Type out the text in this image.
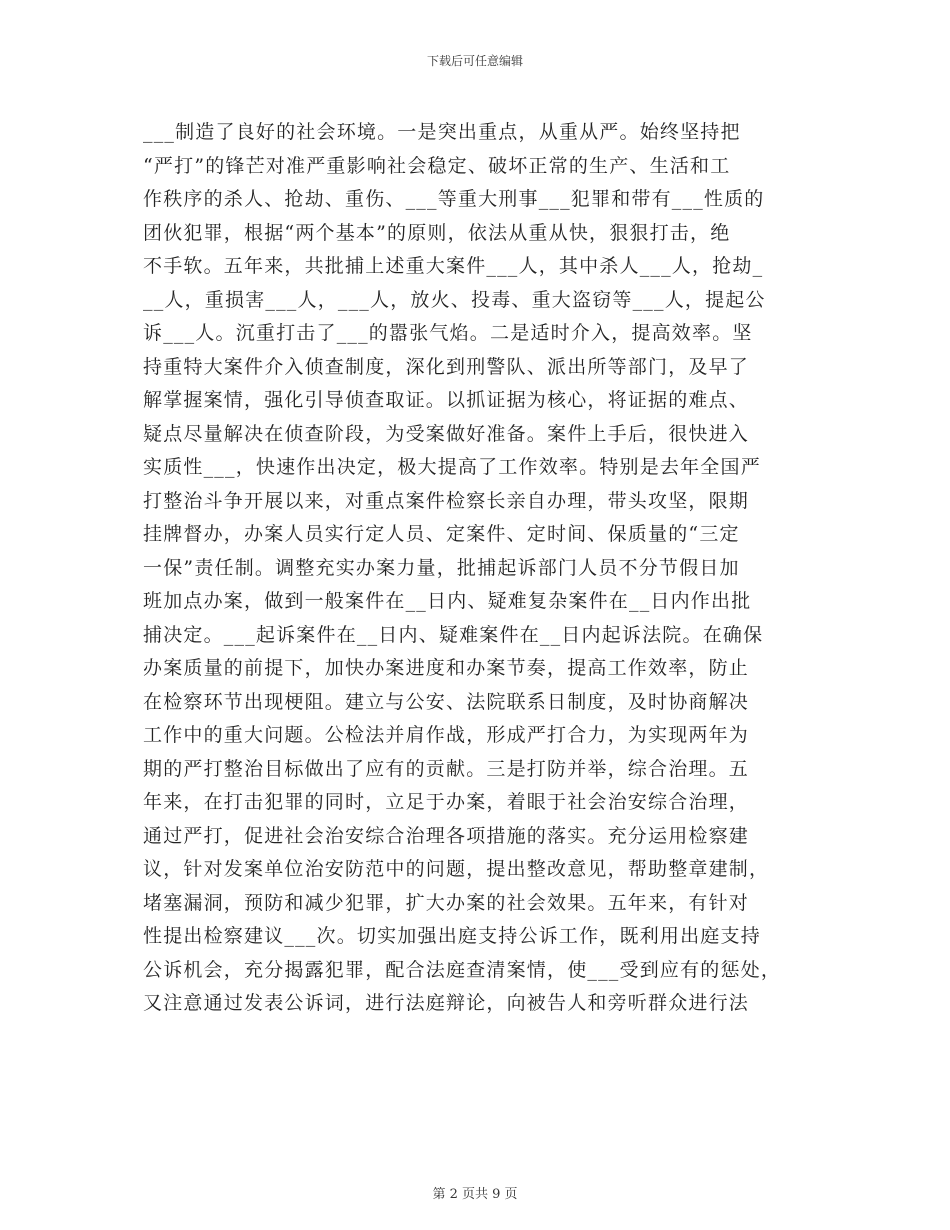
下载后可任意编辑
___制造了良好的社会环境。一是突出重点，从重从严。始终坚持把
“严打”的锋芒对准严重影响社会稳定、破坏正常的生产、生活和工
作秩序的杀人、抢劫、重伤、___等重大刑事___犯罪和带有___性质的
团伙犯罪，根据“两个基本”的原则，依法从重从快，狠狠打击，绝
不手软。五年来，共批捕上述重大案件___人，其中杀人___人，抢劫_
__人，重损害___人，___人，放火、投毒、重大盗窃等___人，提起公
诉___人。沉重打击了___的嚣张气焰。二是适时介入，提高效率。坚
持重特大案件介入侦查制度，深化到刑警队、派出所等部门，及早了
解掌握案情，强化引导侦查取证。以抓证据为核心，将证据的难点、
疑点尽量解决在侦查阶段，为受案做好准备。案件上手后，很快进入
实质性___，快速作出决定，极大提高了工作效率。特别是去年全国严
打整治斗争开展以来，对重点案件检察长亲自办理，带头攻坚，限期
挂牌督办，办案人员实行定人员、定案件、定时间、保质量的“三定
一保”责任制。调整充实办案力量，批捕起诉部门人员不分节假日加
班加点办案，做到一般案件在__日内、疑难复杂案件在__日内作出批
捕决定。___起诉案件在__日内、疑难案件在__日内起诉法院。在确保
办案质量的前提下，加快办案进度和办案节奏，提高工作效率，防止
在检察环节出现梗阻。建立与公安、法院联系日制度，及时协商解决
工作中的重大问题。公检法并肩作战，形成严打合力，为实现两年为
期的严打整治目标做出了应有的贡献。三是打防并举，综合治理。五
年来，在打击犯罪的同时，立足于办案，着眼于社会治安综合治理，
通过严打，促进社会治安综合治理各项措施的落实。充分运用检察建
议，针对发案单位治安防范中的问题，提出整改意见，帮助整章建制，
堵塞漏洞，预防和减少犯罪，扩大办案的社会效果。五年来，有针对
性提出检察建议___次。切实加强出庭支持公诉工作，既利用出庭支持
公诉机会，充分揭露犯罪，配合法庭查清案情，使___受到应有的惩处，
又注意通过发表公诉词，进行法庭辩论，向被告人和旁听群众进行法
第 2 页共 9 页
